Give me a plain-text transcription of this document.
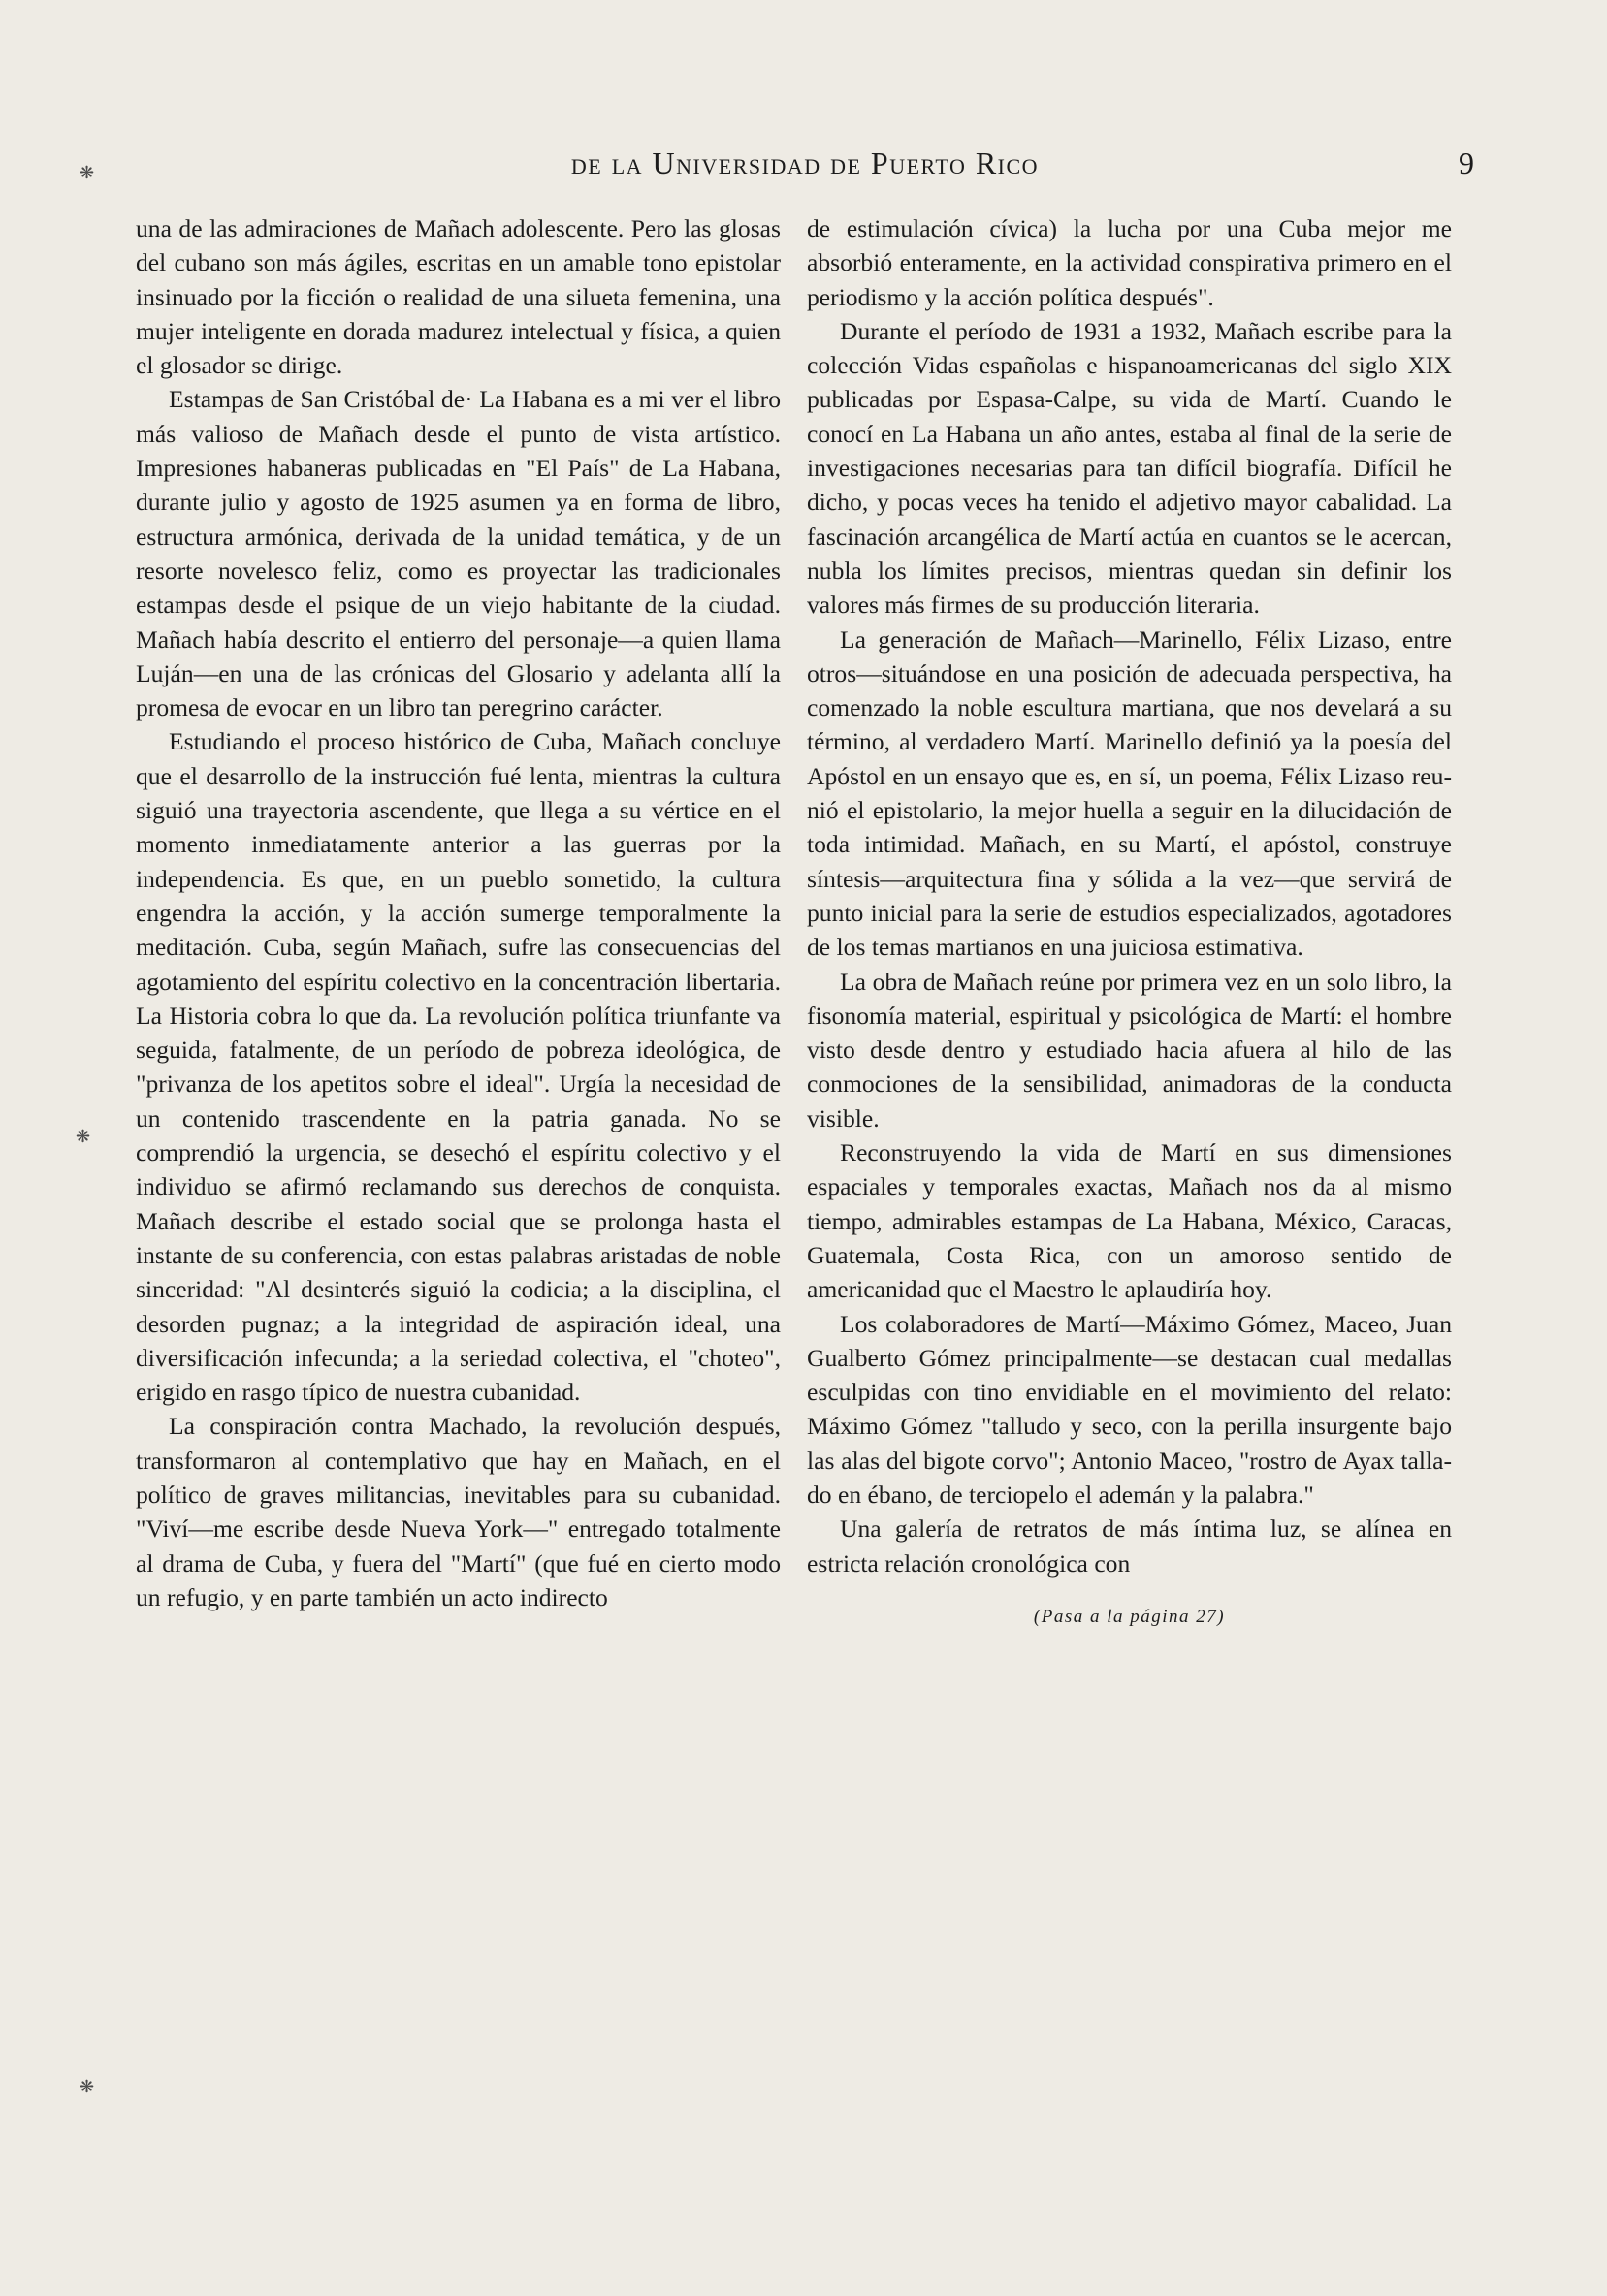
de la Universidad de Puerto Rico	9

una de las admiraciones de Mañach adolescente. Pero las glosas del cubano son más ágiles, escritas en un amable tono epistolar insinuado por la ficción o realidad de una silueta femenina, una mujer inteligente en dorada madurez intelectual y física, a quien el glosador se dirige.

Estampas de San Cristóbal de· La Habana es a mi ver el libro más valioso de Mañach desde el punto de vista artístico. Impresiones habaneras publicadas en "El País" de La Habana, durante julio y agosto de 1925 asumen ya en forma de libro, estructura armónica, derivada de la unidad temática, y de un resorte novelesco feliz, como es proyectar las tradicionales estampas desde el psique de un viejo habitante de la ciudad. Mañach había descrito el entierro del personaje—a quien llama Luján—en una de las crónicas del Glosario y adelanta allí la promesa de evocar en un libro tan peregrino carácter.

Estudiando el proceso histórico de Cuba, Mañach concluye que el desarrollo de la instrucción fué lenta, mientras la cultura siguió una trayectoria ascendente, que llega a su vértice en el momento inmediatamente anterior a las guerras por la independencia. Es que, en un pueblo sometido, la cultura engendra la acción, y la acción sumerge temporalmente la meditación. Cuba, según Mañach, sufre las consecuencias del agotamiento del espíritu colectivo en la concentración libertaria. La Historia cobra lo que da. La revolución política triunfante va seguida, fatalmente, de un período de pobreza ideológica, de "privanza de los apetitos sobre el ideal". Urgía la necesidad de un contenido trascendente en la patria ganada. No se comprendió la urgencia, se desechó el espíritu colectivo y el individuo se afirmó reclamando sus derechos de conquista. Mañach describe el estado social que se prolonga hasta el instante de su conferencia, con estas palabras aristadas de noble sinceridad: "Al desinterés siguió la codicia; a la disciplina, el desorden pugnaz; a la integridad de aspiración ideal, una diversificación infecunda; a la seriedad colectiva, el "choteo", erigido en rasgo típico de nuestra cubanidad.

La conspiración contra Machado, la revolución después, transformaron al contemplativo que hay en Mañach, en el político de graves militancias, inevitables para su cubanidad. "Viví—me escribe desde Nueva York—" entregado totalmente al drama de Cuba, y fuera del "Martí" (que fué en cierto modo un refugio, y en parte también un acto indirecto

de estimulación cívica) la lucha por una Cuba mejor me absorbió enteramente, en la actividad conspirativa primero en el periodismo y la acción política después".

Durante el período de 1931 a 1932, Mañach escribe para la colección Vidas españolas e hispanoamericanas del siglo XIX publicadas por Espasa-Calpe, su vida de Martí. Cuando le conocí en La Habana un año antes, estaba al final de la serie de investigaciones necesarias para tan difícil biografía. Difícil he dicho, y pocas veces ha tenido el adjetivo mayor cabalidad. La fascinación arcangélica de Martí actúa en cuantos se le acercan, nubla los límites precisos, mientras quedan sin definir los valores más firmes de su producción literaria.

La generación de Mañach—Marinello, Félix Lizaso, entre otros—situándose en una posición de adecuada perspectiva, ha comenzado la noble escultura martiana, que nos develará a su término, al verdadero Martí. Marinello definió ya la poesía del Apóstol en un ensayo que es, en sí, un poema, Félix Lizaso reunió el epistolario, la mejor huella a seguir en la dilucidación de toda intimidad. Mañach, en su Martí, el apóstol, construye síntesis—arquitectura fina y sólida a la vez—que servirá de punto inicial para la serie de estudios especializados, agotadores de los temas martianos en una juiciosa estimativa.

La obra de Mañach reúne por primera vez en un solo libro, la fisonomía material, espiritual y psicológica de Martí: el hombre visto desde dentro y estudiado hacia afuera al hilo de las conmociones de la sensibilidad, animadoras de la conducta visible.

Reconstruyendo la vida de Martí en sus dimensiones espaciales y temporales exactas, Mañach nos da al mismo tiempo, admirables estampas de La Habana, México, Caracas, Guatemala, Costa Rica, con un amoroso sentido de americanidad que el Maestro le aplaudiría hoy.

Los colaboradores de Martí—Máximo Gómez, Maceo, Juan Gualberto Gómez principalmente—se destacan cual medallas esculpidas con tino envidiable en el movimiento del relato: Máximo Gómez "talludo y seco, con la perilla insurgente bajo las alas del bigote corvo"; Antonio Maceo, "rostro de Ayax tallado en ébano, de terciopelo el ademán y la palabra."

Una galería de retratos de más íntima luz, se alínea en estricta relación cronológica con

(Pasa a la página 27)
❋
❋
❋
